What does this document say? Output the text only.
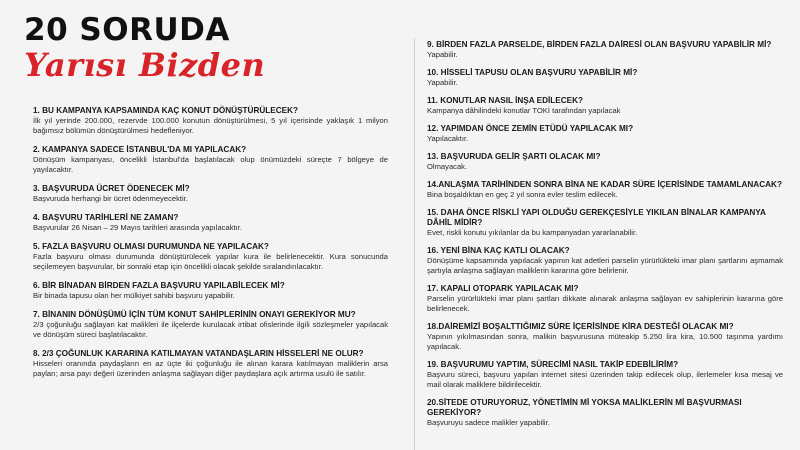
20 SORUDA
Yarısı Bizden
1. BU KAMPANYA KAPSAMINDA KAÇ KONUT DÖNÜŞTÜRÜLECEK?
İlk yıl yerinde 200.000, rezervde 100.000 konutun dönüştürülmesi, 5 yıl içerisinde yaklaşık 1 milyon bağımsız bölümün dönüştürülmesi hedefleniyor.
2. KAMPANYA SADECE İSTANBUL'DA MI YAPILACAK?
Dönüşüm kampanyası, öncelikli İstanbul'da başlatılacak olup önümüzdeki süreçte 7 bölgeye de yayılacaktır.
3. BAŞVURUDA ÜCRET ÖDENECEK Mİ?
Başvuruda herhangi bir ücret ödenmeyecektir.
4. BAŞVURU TARİHLERİ NE ZAMAN?
Başvurular 26 Nisan – 29 Mayıs tarihleri arasında yapılacaktır.
5. FAZLA BAŞVURU OLMASI DURUMUNDA NE YAPILACAK?
Fazla başvuru olması durumunda dönüştürülecek yapılar kura ile belirlenecektir. Kura sonucunda seçilemeyen başvurular, bir sonraki etap için öncelikli olacak şekilde sıralandırılacaktır.
6. BİR BİNADAN BİRDEN FAZLA BAŞVURU YAPILABİLECEK Mİ?
Bir binada tapusu olan her mülkiyet sahibi başvuru yapabilir.
7. BİNANIN DÖNÜŞÜMÜ İÇİN TÜM KONUT SAHİPLERİNİN ONAYI GEREKİYOR MU?
2/3 çoğunluğu sağlayan kat malikleri ile ilçelerde kurulacak irtibat ofislerinde ilgili sözleşmeler yapılacak ve dönüşüm süreci başlatılacaktır.
8. 2/3 ÇOĞUNLUK KARARINA KATILMAYAN VATANDAŞLARIN HİSSELERİ NE OLUR?
Hisseleri oranında paydaşların en az üçte iki çoğunluğu ile alınan karara katılmayan maliklerin arsa payları; arsa payı değeri üzerinden anlaşma sağlayan diğer paydaşlara açık artırma usulü ile satılır.
9. BİRDEN FAZLA PARSELDE, BİRDEN FAZLA DAİRESİ OLAN BAŞVURU YAPABİLİR Mİ?
Yapabilir.
10. HİSSELİ TAPUSU OLAN BAŞVURU YAPABİLİR Mİ?
Yapabilir.
11. KONUTLAR NASIL İNŞA EDİLECEK?
Kampanya dâhilindeki konutlar TOKİ tarafından yapılacak
12. YAPIMDAN ÖNCE ZEMİN ETÜDÜ YAPILACAK MI?
Yapılacaktır.
13. BAŞVURUDA GELİR ŞARTI OLACAK MI?
Olmayacak.
14.ANLAŞMA TARİHİNDEN SONRA BİNA NE KADAR SÜRE İÇERİSİNDE TAMAMLANACAK?
Bina boşaldıktan en geç 2 yıl sonra evler teslim edilecek.
15. DAHA ÖNCE RİSKLİ YAPI OLDUĞU GEREKÇESİYLE YIKILAN BİNALAR KAMPANYA DÂHİL MİDİR?
Evet, riskli konutu yıkılanlar da bu kampanyadan yararlanabilir.
16. YENİ BİNA KAÇ KATLI OLACAK?
Dönüşüme kapsamında yapılacak yapının kat adetleri parselin yürürlükteki imar planı şartlarını aşmamak şartıyla anlaşma sağlayan maliklerin kararına göre belirlenir.
17. KAPALI OTOPARK YAPILACAK MI?
Parselin yürürlükteki imar planı şartları dikkate alınarak anlaşma sağlayan ev sahiplerinin kararına göre belirlenecek.
18.DAİREMİZİ BOŞALTTIĞIMIZ SÜRE İÇERİSİNDE KİRA DESTEĞİ OLACAK MI?
Yapının yıkılmasından sonra, malikin başvurusuna müteakip 5.250 lira kira, 10.500 taşınma yardımı yapılacak.
19. BAŞVURUMU YAPTIM, SÜRECİMİ NASIL TAKİP EDEBİLİRİM?
Başvuru süreci, başvuru yapılan internet sitesi üzerinden takip edilecek olup, ilerlemeler kısa mesaj ve mail olarak maliklere bildirilecektir.
20.SİTEDE OTURUYORUZ, YÖNETİMİN Mİ YOKSA MALİKLERİN Mİ BAŞVURMASI GEREKİYOR?
Başvuruyu sadece malikler yapabilir.
